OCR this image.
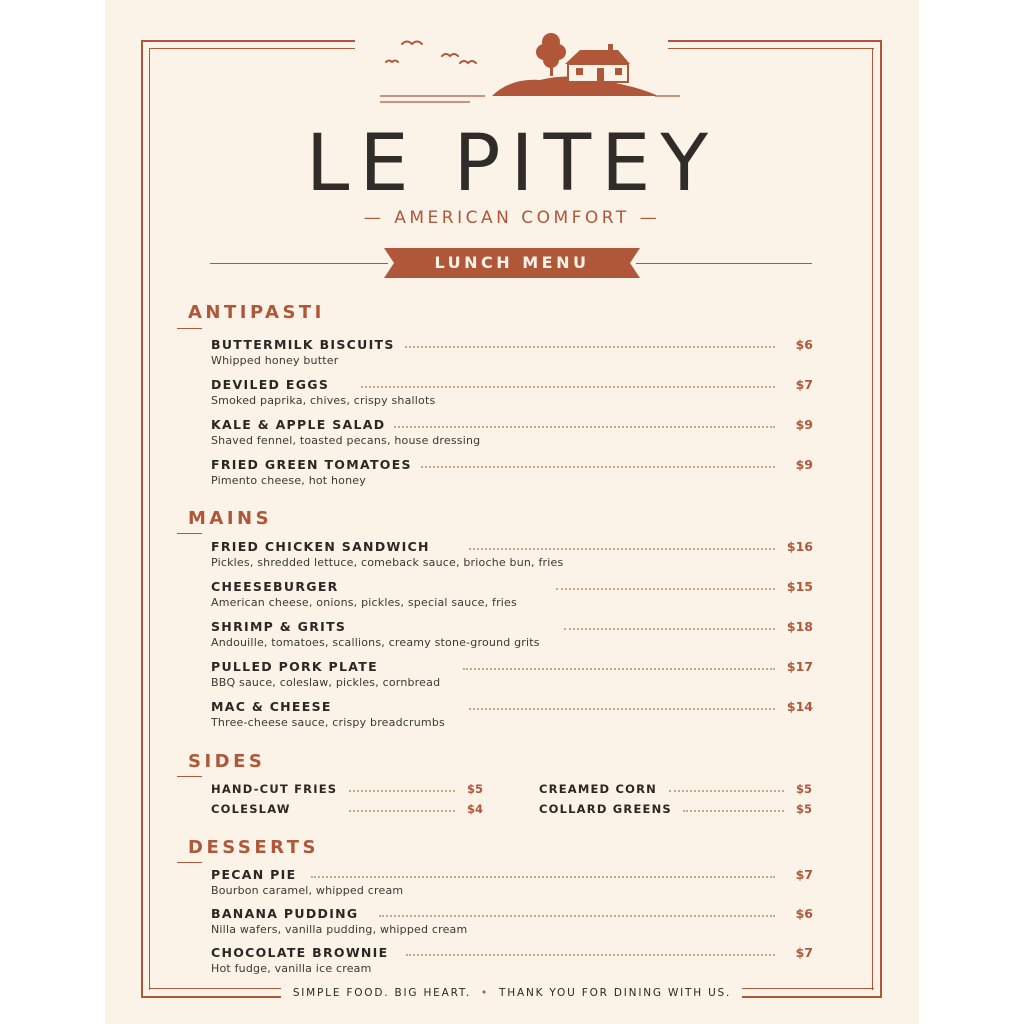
LE PITEY
— AMERICAN COMFORT —
LUNCH MENU
ANTIPASTI
BUTTERMILK BISCUITS	$6
Whipped honey butter
DEVILED EGGS	$7
Smoked paprika, chives, crispy shallots
KALE & APPLE SALAD	$9
Shaved fennel, toasted pecans, house dressing
FRIED GREEN TOMATOES	$9
Pimento cheese, hot honey
MAINS
FRIED CHICKEN SANDWICH	$16
Pickles, shredded lettuce, comeback sauce, brioche bun, fries
CHEESEBURGER	$15
American cheese, onions, pickles, special sauce, fries
SHRIMP & GRITS	$18
Andouille, tomatoes, scallions, creamy stone-ground grits
PULLED PORK PLATE	$17
BBQ sauce, coleslaw, pickles, cornbread
MAC & CHEESE	$14
Three-cheese sauce, crispy breadcrumbs
SIDES
HAND-CUT FRIES	$5
COLESLAW	$4
CREAMED CORN	$5
COLLARD GREENS	$5
DESSERTS
PECAN PIE	$7
Bourbon caramel, whipped cream
BANANA PUDDING	$6
Nilla wafers, vanilla pudding, whipped cream
CHOCOLATE BROWNIE	$7
Hot fudge, vanilla ice cream
SIMPLE FOOD. BIG HEART. • THANK YOU FOR DINING WITH US.
